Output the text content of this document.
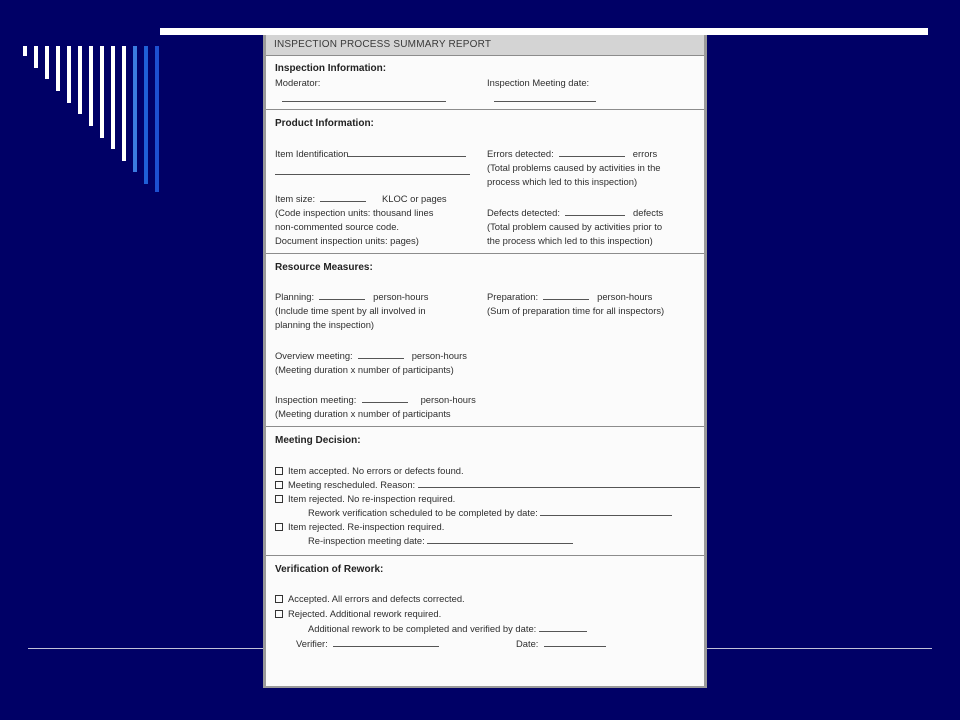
INSPECTION PROCESS SUMMARY REPORT
Inspection Information:
Moderator:	Inspection Meeting date:
Product Information:
Item Identification	Errors detected:	errors
(Total problems caused by activities in the
process which led to this inspection)
Item size:	KLOC or pages
(Code inspection units: thousand lines
non-commented source code.
Document inspection units: pages)
Defects detected:	defects
(Total problem caused by activities prior to
the process which led to this inspection)
Resource Measures:
Planning:	person-hours
(Include time spent by all involved in
planning the inspection)
Preparation:	person-hours
(Sum of preparation time for all inspectors)
Overview meeting:	person-hours
(Meeting duration x number of participants)
Inspection meeting:	person-hours
(Meeting duration x number of participants
Meeting Decision:
Item accepted. No errors or defects found.
Meeting rescheduled. Reason:
Item rejected. No re-inspection required.
Rework verification scheduled to be completed by date:
Item rejected. Re-inspection required.
Re-inspection meeting date:
Verification of Rework:
Accepted. All errors and defects corrected.
Rejected. Additional rework required.
Additional rework to be completed and verified by date:
Verifier:	Date:
